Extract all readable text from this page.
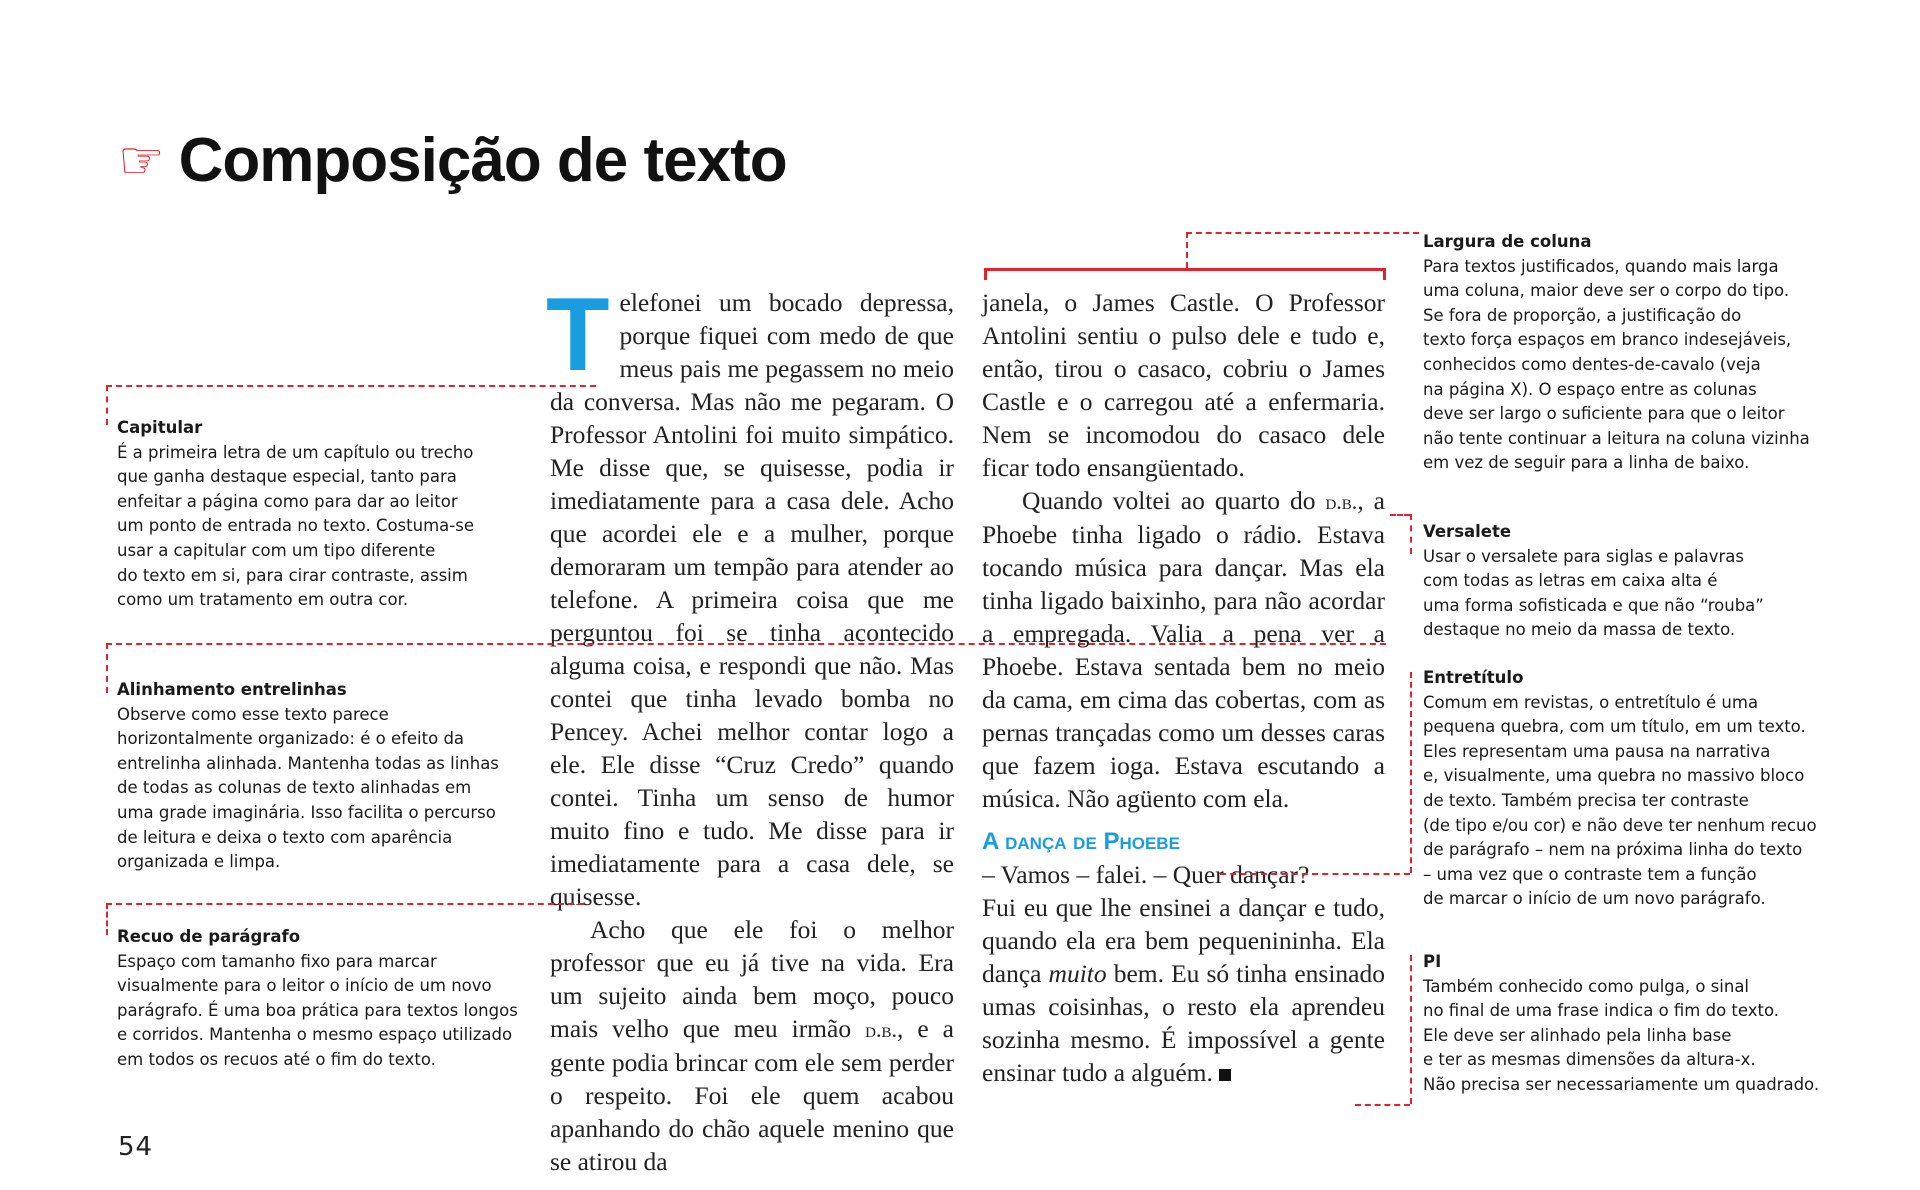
☞ Composição de texto
Capitular
É a primeira letra de um capítulo ou trecho
que ganha destaque especial, tanto para
enfeitar a página como para dar ao leitor
um ponto de entrada no texto. Costuma-se
usar a capitular com um tipo diferente
do texto em si, para cirar contraste, assim
como um tratamento em outra cor.
Alinhamento entrelinhas
Observe como esse texto parece
horizontalmente organizado: é o efeito da
entrelinha alinhada. Mantenha todas as linhas
de todas as colunas de texto alinhadas em
uma grade imaginária. Isso facilita o percurso
de leitura e deixa o texto com aparência
organizada e limpa.
Recuo de parágrafo
Espaço com tamanho fixo para marcar
visualmente para o leitor o início de um novo
parágrafo. É uma boa prática para textos longos
e corridos. Mantenha o mesmo espaço utilizado
em todos os recuos até o fim do texto.
Largura de coluna
Para textos justificados, quando mais larga
uma coluna, maior deve ser o corpo do tipo.
Se fora de proporção, a justificação do
texto força espaços em branco indesejáveis,
conhecidos como dentes-de-cavalo (veja
na página X). O espaço entre as colunas
deve ser largo o suficiente para que o leitor
não tente continuar a leitura na coluna vizinha
em vez de seguir para a linha de baixo.
Versalete
Usar o versalete para siglas e palavras
com todas as letras em caixa alta é
uma forma sofisticada e que não “rouba”
destaque no meio da massa de texto.
Entretítulo
Comum em revistas, o entretítulo é uma
pequena quebra, com um título, em um texto.
Eles representam uma pausa na narrativa
e, visualmente, uma quebra no massivo bloco
de texto. Também precisa ter contraste
(de tipo e/ou cor) e não deve ter nenhum recuo
de parágrafo – nem na próxima linha do texto
– uma vez que o contraste tem a função
de marcar o início de um novo parágrafo.
PI
Também conhecido como pulga, o sinal
no final de uma frase indica o fim do texto.
Ele deve ser alinhado pela linha base
e ter as mesmas dimensões da altura-x.
Não precisa ser necessariamente um quadrado.

Telefonei um bocado depressa, porque fiquei com medo de que meus pais me pegassem no meio da conversa. Mas não me pegaram. O Professor Antolini foi muito simpático. Me disse que, se quisesse, podia ir imediatamente para a casa dele. Acho que acordei ele e a mulher, porque demoraram um tempão para atender ao telefone. A primeira coisa que me perguntou foi se tinha acontecido alguma coisa, e respondi que não. Mas contei que tinha levado bomba no Pencey. Achei melhor contar logo a ele. Ele disse “Cruz Credo” quando contei. Tinha um senso de humor muito fino e tudo. Me disse para ir imediatamente para a casa dele, se quisesse.

Acho que ele foi o melhor professor que eu já tive na vida. Era um sujeito ainda bem moço, pouco mais velho que meu irmão d.b., e a gente podia brincar com ele sem perder o respeito. Foi ele quem acabou apanhando do chão aquele menino que se atirou da

janela, o James Castle. O Professor Antolini sentiu o pulso dele e tudo e, então, tirou o casaco, cobriu o James Castle e o carregou até a enfermaria. Nem se incomodou do casaco dele ficar todo ensangüentado.

Quando voltei ao quarto do d.b., a Phoebe tinha ligado o rádio. Estava tocando música para dançar. Mas ela tinha ligado baixinho, para não acordar a empregada. Valia a pena ver a Phoebe. Estava sentada bem no meio da cama, em cima das cobertas, com as pernas trançadas como um desses caras que fazem ioga. Estava escutando a música. Não agüento com ela.

A dança de Phoebe

– Vamos – falei. – Quer dançar?

Fui eu que lhe ensinei a dançar e tudo, quando ela era bem pequenininha. Ela dança muito bem. Eu só tinha ensinado umas coisinhas, o resto ela aprendeu sozinha mesmo. É impossível a gente ensinar tudo a alguém.

54
